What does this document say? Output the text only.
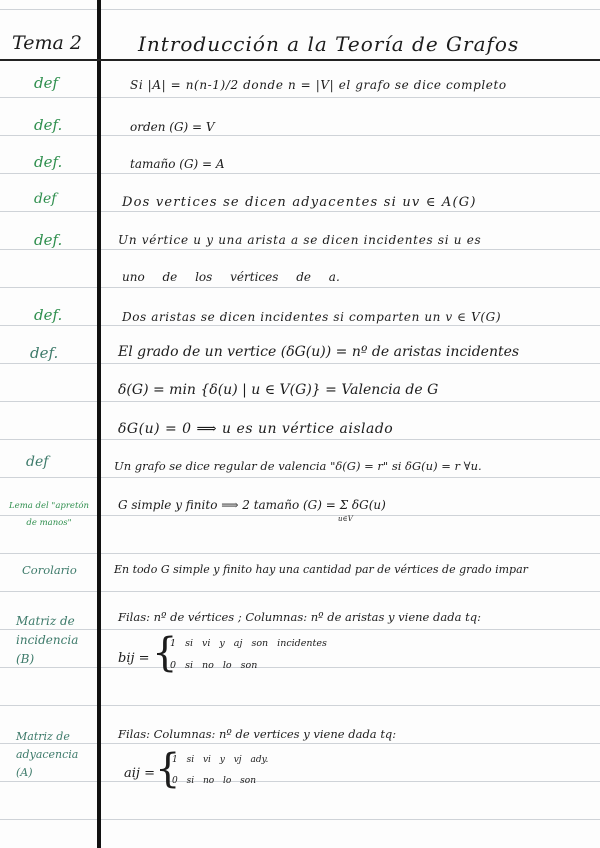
Tema 2	Introducción a la Teoría de Grafos
def	Si |A| = n(n-1)/2 donde n = |V| el grafo se dice completo
def.	orden (G) = V
def.	tamaño (G) = A
def	Dos vertices se dicen adyacentes si uv ∈ A(G)
def.	Un vértice u y una arista a se dicen incidentes si u es
uno de los vértices de a.
def.	Dos aristas se dicen incidentes si comparten un v ∈ V(G)
def.	El grado de un vertice (δG(u)) = nº de aristas incidentes
δ(G) = min {δ(u) | u ∈ V(G)} = Valencia de G
δG(u) = 0 ⟹ u es un vértice aislado
def	Un grafo se dice regular de valencia "δ(G) = r" si δG(u) = r ∀u.
Lema del "apretón de manos"
G simple y finito ⟹ 2 tamaño (G) = Σ δG(u)
u∈V
Corolario	En todo G simple y finito hay una cantidad par de vértices de grado impar
Matriz de incidencia (B)
Filas: nº de vértices ; Columnas: nº de aristas y viene dada tq:
bij = {
1 si vi y aj son incidentes
0 si no lo son
Matriz de adyacencia (A)
Filas: Columnas: nº de vertices y viene dada tq:
aij = {
1 si vi y vj ady.
0 si no lo son
